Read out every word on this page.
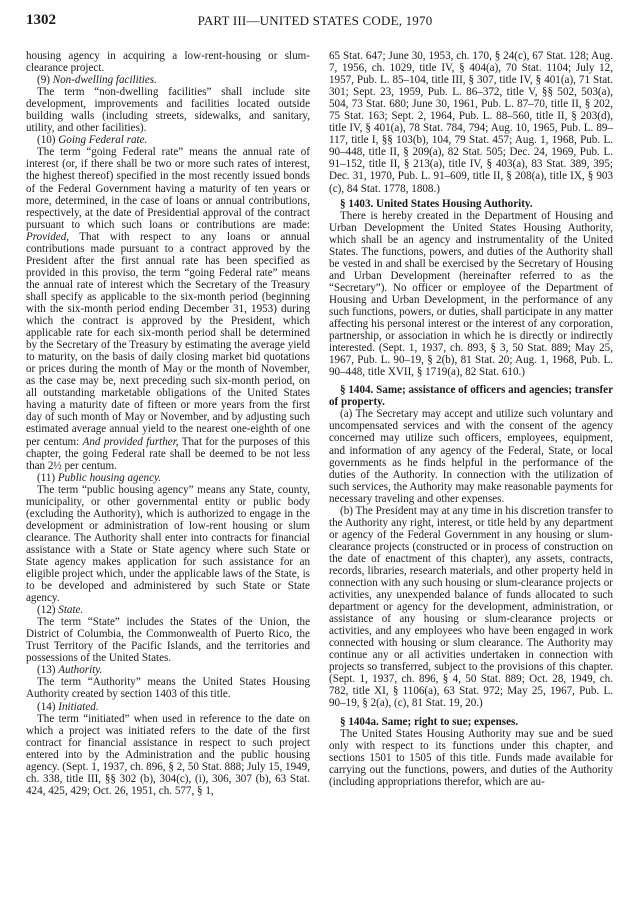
1302	PART III—UNITED STATES CODE, 1970

housing agency in acquiring a low-rent-housing or slum-clearance project.

(9) Non-dwelling facilities.

The term “non-dwelling facilities” shall include site development, improvements and facilities located outside building walls (including streets, sidewalks, and sanitary, utility, and other facilities).

(10) Going Federal rate.

The term “going Federal rate” means the annual rate of interest (or, if there shall be two or more such rates of interest, the highest thereof) specified in the most recently issued bonds of the Federal Government having a maturity of ten years or more, determined, in the case of loans or annual contributions, respectively, at the date of Presidential approval of the contract pursuant to which such loans or contributions are made: Provided, That with respect to any loans or annual contributions made pursuant to a contract approved by the President after the first annual rate has been specified as provided in this proviso, the term “going Federal rate” means the annual rate of interest which the Secretary of the Treasury shall specify as applicable to the six-month period (beginning with the six-month period ending December 31, 1953) during which the contract is approved by the President, which applicable rate for each six-month period shall be determined by the Secretary of the Treasury by estimating the average yield to maturity, on the basis of daily closing market bid quotations or prices during the month of May or the month of November, as the case may be, next preceding such six-month period, on all outstanding marketable obligations of the United States having a maturity date of fifteen or more years from the first day of such month of May or November, and by adjusting such estimated average annual yield to the nearest one-eighth of one per centum: And provided further, That for the purposes of this chapter, the going Federal rate shall be deemed to be not less than 2½ per centum.

(11) Public housing agency.

The term “public housing agency” means any State, county, municipality, or other governmental entity or public body (excluding the Authority), which is authorized to engage in the development or administration of low-rent housing or slum clearance. The Authority shall enter into contracts for financial assistance with a State or State agency where such State or State agency makes application for such assistance for an eligible project which, under the applicable laws of the State, is to be developed and administered by such State or State agency.

(12) State.

The term “State” includes the States of the Union, the District of Columbia, the Commonwealth of Puerto Rico, the Trust Territory of the Pacific Islands, and the territories and possessions of the United States.

(13) Authority.

The term “Authority” means the United States Housing Authority created by section 1403 of this title.

(14) Initiated.

The term “initiated” when used in reference to the date on which a project was initiated refers to the date of the first contract for financial assistance in respect to such project entered into by the Administration and the public housing agency. (Sept. 1, 1937, ch. 896, § 2, 50 Stat. 888; July 15, 1949, ch. 338, title III, §§ 302 (b), 304(c), (i), 306, 307 (b), 63 Stat. 424, 425, 429; Oct. 26, 1951, ch. 577, § 1,

65 Stat. 647; June 30, 1953, ch. 170, § 24(c), 67 Stat. 128; Aug. 7, 1956, ch. 1029, title IV, § 404(a), 70 Stat. 1104; July 12, 1957, Pub. L. 85–104, title III, § 307, title IV, § 401(a), 71 Stat. 301; Sept. 23, 1959, Pub. L. 86–372, title V, §§ 502, 503(a), 504, 73 Stat. 680; June 30, 1961, Pub. L. 87–70, title II, § 202, 75 Stat. 163; Sept. 2, 1964, Pub. L. 88–560, title II, § 203(d), title IV, § 401(a), 78 Stat. 784, 794; Aug. 10, 1965, Pub. L. 89–117, title I, §§ 103(b), 104, 79 Stat. 457; Aug. 1, 1968, Pub. L. 90–448, title II, § 209(a), 82 Stat. 505; Dec. 24, 1969, Pub. L. 91–152, title II, § 213(a), title IV, § 403(a), 83 Stat. 389, 395; Dec. 31, 1970, Pub. L. 91–609, title II, § 208(a), title IX, § 903 (c), 84 Stat. 1778, 1808.)

§ 1403. United States Housing Authority.

There is hereby created in the Department of Housing and Urban Development the United States Housing Authority, which shall be an agency and instrumentality of the United States. The functions, powers, and duties of the Authority shall be vested in and shall be exercised by the Secretary of Housing and Urban Development (hereinafter referred to as the “Secretary”). No officer or employee of the Department of Housing and Urban Development, in the performance of any such functions, powers, or duties, shall participate in any matter affecting his personal interest or the interest of any corporation, partnership, or association in which he is directly or indirectly interested. (Sept. 1, 1937, ch. 893, § 3, 50 Stat. 889; May 25, 1967, Pub. L. 90–19, § 2(b), 81 Stat. 20; Aug. 1, 1968, Pub. L. 90–448, title XVII, § 1719(a), 82 Stat. 610.)

§ 1404. Same; assistance of officers and agencies; transfer of property.

(a) The Secretary may accept and utilize such voluntary and uncompensated services and with the consent of the agency concerned may utilize such officers, employees, equipment, and information of any agency of the Federal, State, or local governments as he finds helpful in the performance of the duties of the Authority. In connection with the utilization of such services, the Authority may make reasonable payments for necessary traveling and other expenses.

(b) The President may at any time in his discretion transfer to the Authority any right, interest, or title held by any department or agency of the Federal Government in any housing or slum-clearance projects (constructed or in process of construction on the date of enactment of this chapter), any assets, contracts, records, libraries, research materials, and other property held in connection with any such housing or slum-clearance projects or activities, any unexpended balance of funds allocated to such department or agency for the development, administration, or assistance of any housing or slum-clearance projects or activities, and any employees who have been engaged in work connected with housing or slum clearance. The Authority may continue any or all activities undertaken in connection with projects so transferred, subject to the provisions of this chapter. (Sept. 1, 1937, ch. 896, § 4, 50 Stat. 889; Oct. 28, 1949, ch. 782, title XI, § 1106(a), 63 Stat. 972; May 25, 1967, Pub. L. 90–19, § 2(a), (c), 81 Stat. 19, 20.)

§ 1404a. Same; right to sue; expenses.

The United States Housing Authority may sue and be sued only with respect to its functions under this chapter, and sections 1501 to 1505 of this title. Funds made available for carrying out the functions, powers, and duties of the Authority (including appropriations therefor, which are au-
